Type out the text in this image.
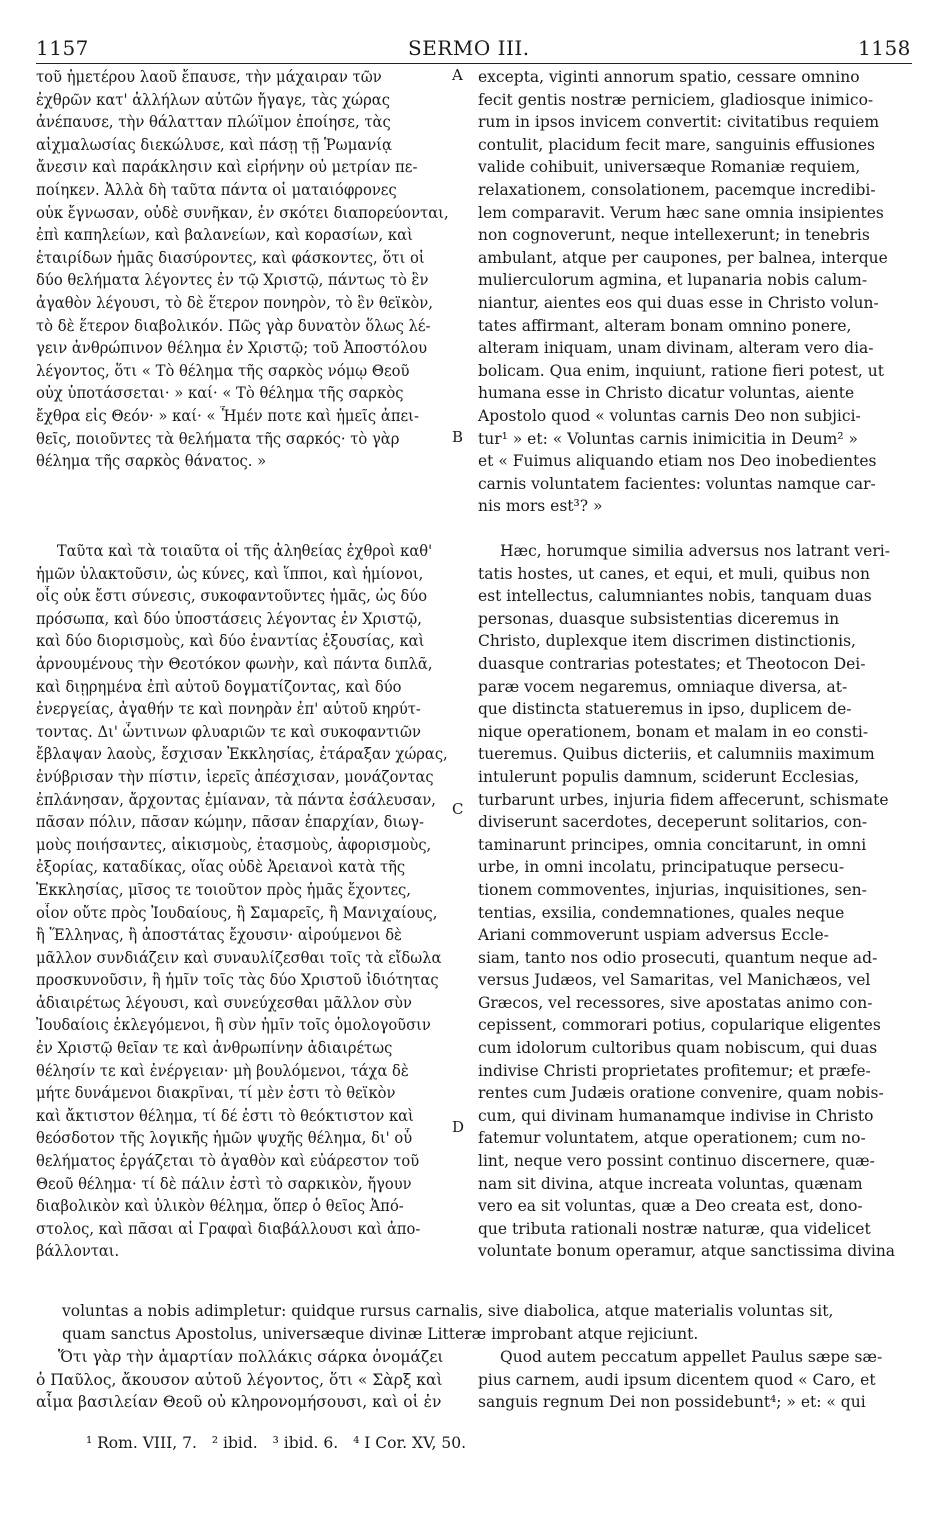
1157	SERMO III.	1158
A
B
C
D
τοῦ ἡμετέρου λαοῦ ἔπαυσε, τὴν μάχαιραν τῶν
ἐχθρῶν κατ' ἀλλήλων αὐτῶν ἤγαγε, τὰς χώρας
ἀνέπαυσε, τὴν θάλατταν πλώϊμον ἐποίησε, τὰς
αἰχμαλωσίας διεκώλυσε, καὶ πάσῃ τῇ Ῥωμανίᾳ
ἄνεσιν καὶ παράκλησιν καὶ εἰρήνην οὐ μετρίαν πε-
ποίηκεν. Ἀλλὰ δὴ ταῦτα πάντα οἱ ματαιόφρονες
οὐκ ἔγνωσαν, οὐδὲ συνῆκαν, ἐν σκότει διαπορεύονται,
ἐπὶ καπηλείων, καὶ βαλανείων, καὶ κορασίων, καὶ
ἑταιρίδων ἡμᾶς διασύροντες, καὶ φάσκοντες, ὅτι οἱ
δύο θελήματα λέγοντες ἐν τῷ Χριστῷ, πάντως τὸ ἓν
ἀγαθὸν λέγουσι, τὸ δὲ ἕτερον πονηρὸν, τὸ ἓν θεϊκὸν,
τὸ δὲ ἕτερον διαβολικόν. Πῶς γὰρ δυνατὸν ὅλως λέ-
γειν ἀνθρώπινον θέλημα ἐν Χριστῷ; τοῦ Ἀποστόλου
λέγοντος, ὅτι « Τὸ θέλημα τῆς σαρκὸς νόμῳ Θεοῦ
οὐχ ὑποτάσσεται· » καί· « Τὸ θέλημα τῆς σαρκὸς
ἔχθρα εἰς Θεόν· » καί· « Ἦμέν ποτε καὶ ἡμεῖς ἀπει-
θεῖς, ποιοῦντες τὰ θελήματα τῆς σαρκός· τὸ γὰρ
θέλημα τῆς σαρκὸς θάνατος. »
Ταῦτα καὶ τὰ τοιαῦτα οἱ τῆς ἀληθείας ἐχθροὶ καθ'
ἡμῶν ὑλακτοῦσιν, ὡς κύνες, καὶ ἵπποι, καὶ ἡμίονοι,
οἷς οὐκ ἔστι σύνεσις, συκοφαντοῦντες ἡμᾶς, ὡς δύο
πρόσωπα, καὶ δύο ὑποστάσεις λέγοντας ἐν Χριστῷ,
καὶ δύο διορισμοὺς, καὶ δύο ἐναντίας ἐξουσίας, καὶ
ἀρνουμένους τὴν Θεοτόκον φωνὴν, καὶ πάντα διπλᾶ,
καὶ διῃρημένα ἐπὶ αὐτοῦ δογματίζοντας, καὶ δύο
ἐνεργείας, ἀγαθήν τε καὶ πονηρὰν ἐπ' αὐτοῦ κηρύτ-
τοντας. Δι' ὧντινων φλυαριῶν τε καὶ συκοφαντιῶν
ἔβλαψαν λαοὺς, ἔσχισαν Ἐκκλησίας, ἐτάραξαν χώρας,
ἐνύβρισαν τὴν πίστιν, ἱερεῖς ἀπέσχισαν, μονάζοντας
ἐπλάνησαν, ἄρχοντας ἐμίαναν, τὰ πάντα ἐσάλευσαν,
πᾶσαν πόλιν, πᾶσαν κώμην, πᾶσαν ἐπαρχίαν, διωγ-
μοὺς ποιήσαντες, αἰκισμοὺς, ἐτασμοὺς, ἀφορισμοὺς,
ἐξορίας, καταδίκας, οἵας οὐδὲ Ἀρειανοὶ κατὰ τῆς
Ἐκκλησίας, μῖσος τε τοιοῦτον πρὸς ἡμᾶς ἔχοντες,
οἷον οὔτε πρὸς Ἰουδαίους, ἢ Σαμαρεῖς, ἢ Μανιχαίους,
ἢ Ἕλληνας, ἢ ἀποστάτας ἔχουσιν· αἱρούμενοι δὲ
μᾶλλον συνδιάζειν καὶ συναυλίζεσθαι τοῖς τὰ εἴδωλα
προσκυνοῦσιν, ἢ ἡμῖν τοῖς τὰς δύο Χριστοῦ ἰδιότητας
ἀδιαιρέτως λέγουσι, καὶ συνεύχεσθαι μᾶλλον σὺν
Ἰουδαίοις ἐκλεγόμενοι, ἢ σὺν ἡμῖν τοῖς ὁμολογοῦσιν
ἐν Χριστῷ θεῖαν τε καὶ ἀνθρωπίνην ἀδιαιρέτως
θέλησίν τε καὶ ἐνέργειαν· μὴ βουλόμενοι, τάχα δὲ
μήτε δυνάμενοι διακρῖναι, τί μὲν ἐστι τὸ θεϊκὸν
καὶ ἄκτιστον θέλημα, τί δέ ἐστι τὸ θεόκτιστον καὶ
θεόσδοτον τῆς λογικῆς ἡμῶν ψυχῆς θέλημα, δι' οὗ
θελήματος ἐργάζεται τὸ ἀγαθὸν καὶ εὐάρεστον τοῦ
Θεοῦ θέλημα· τί δὲ πάλιν ἐστὶ τὸ σαρκικὸν, ἤγουν
διαβολικὸν καὶ ὑλικὸν θέλημα, ὅπερ ὁ θεῖος Ἀπό-
στολος, καὶ πᾶσαι αἱ Γραφαὶ διαβάλλουσι καὶ ἀπο-
βάλλονται.
excepta, viginti annorum spatio, cessare omnino
fecit gentis nostræ perniciem, gladiosque inimico-
rum in ipsos invicem convertit: civitatibus requiem
contulit, placidum fecit mare, sanguinis effusiones
valide cohibuit, universæque Romaniæ requiem,
relaxationem, consolationem, pacemque incredibi-
lem comparavit. Verum hæc sane omnia insipientes
non cognoverunt, neque intellexerunt; in tenebris
ambulant, atque per caupones, per balnea, interque
mulierculorum agmina, et lupanaria nobis calum-
niantur, aientes eos qui duas esse in Christo volun-
tates affirmant, alteram bonam omnino ponere,
alteram iniquam, unam divinam, alteram vero dia-
bolicam. Qua enim, inquiunt, ratione fieri potest, ut
humana esse in Christo dicatur voluntas, aiente
Apostolo quod « voluntas carnis Deo non subjici-
tur¹ » et: « Voluntas carnis inimicitia in Deum² »
et « Fuimus aliquando etiam nos Deo inobedientes
carnis voluntatem facientes: voluntas namque car-
nis mors est³? »
Hæc, horumque similia adversus nos latrant veri-
tatis hostes, ut canes, et equi, et muli, quibus non
est intellectus, calumniantes nobis, tanquam duas
personas, duasque subsistentias diceremus in
Christo, duplexque item discrimen distinctionis,
duasque contrarias potestates; et Theotocon Dei-
paræ vocem negaremus, omniaque diversa, at-
que distincta statueremus in ipso, duplicem de-
nique operationem, bonam et malam in eo consti-
tueremus. Quibus dicteriis, et calumniis maximum
intulerunt populis damnum, sciderunt Ecclesias,
turbarunt urbes, injuria fidem affecerunt, schismate
diviserunt sacerdotes, deceperunt solitarios, con-
taminarunt principes, omnia concitarunt, in omni
urbe, in omni incolatu, principatuque persecu-
tionem commoventes, injurias, inquisitiones, sen-
tentias, exsilia, condemnationes, quales neque
Ariani commoverunt uspiam adversus Eccle-
siam, tanto nos odio prosecuti, quantum neque ad-
versus Judæos, vel Samaritas, vel Manichæos, vel
Græcos, vel recessores, sive apostatas animo con-
cepissent, commorari potius, copularique eligentes
cum idolorum cultoribus quam nobiscum, qui duas
indivise Christi proprietates profitemur; et præfe-
rentes cum Judæis oratione convenire, quam nobis-
cum, qui divinam humanamque indivise in Christo
fatemur voluntatem, atque operationem; cum no-
lint, neque vero possint continuo discernere, quæ-
nam sit divina, atque increata voluntas, quænam
vero ea sit voluntas, quæ a Deo creata est, dono-
que tributa rationali nostræ naturæ, qua videlicet
voluntate bonum operamur, atque sanctissima divina
voluntas a nobis adimpletur: quidque rursus carnalis, sive diabolica, atque materialis voluntas sit,
quam sanctus Apostolus, universæque divinæ Litteræ improbant atque rejiciunt.
Ὅτι γὰρ τὴν ἁμαρτίαν πολλάκις σάρκα ὀνομάζει
ὁ Παῦλος, ἄκουσον αὐτοῦ λέγοντος, ὅτι « Σὰρξ καὶ
αἷμα βασιλείαν Θεοῦ οὐ κληρονομήσουσι, καὶ οἱ ἐν
Quod autem peccatum appellet Paulus sæpe sæ-
pius carnem, audi ipsum dicentem quod « Caro, et
sanguis regnum Dei non possidebunt⁴; » et: « qui
¹ Rom. VIII, 7. ² ibid. ³ ibid. 6. ⁴ I Cor. XV, 50.
